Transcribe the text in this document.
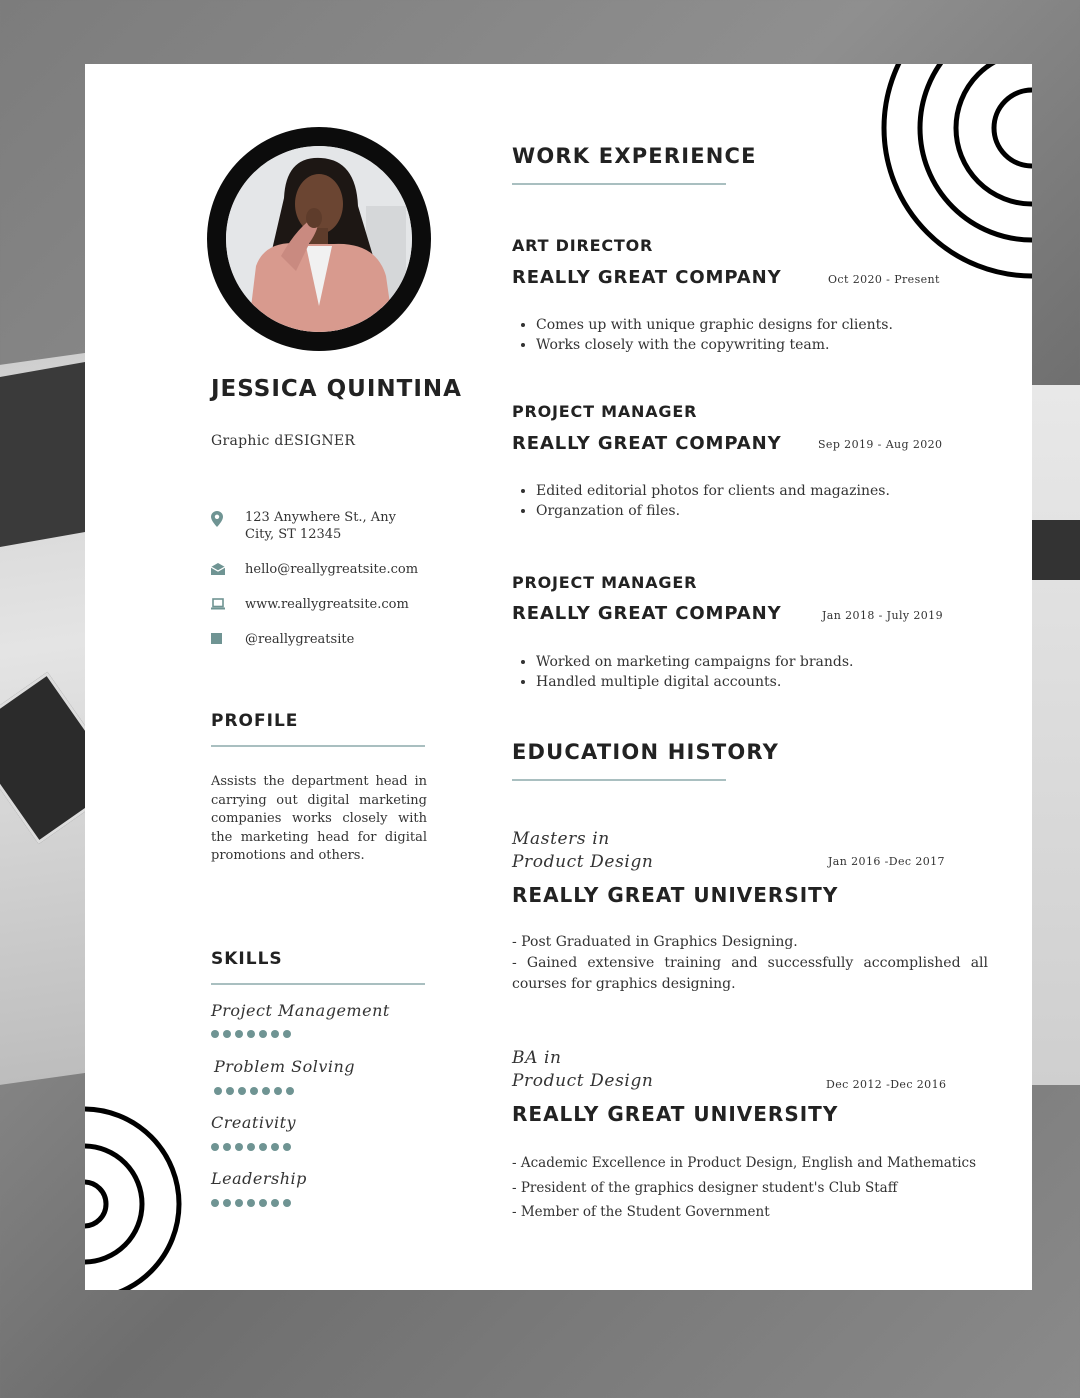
JESSICA QUINTINA
Graphic dESIGNER
123 Anywhere St., Any City, ST 12345
hello@reallygreatsite.com
www.reallygreatsite.com
@reallygreatsite
PROFILE

Assists the department head in carrying out digital marketing companies works closely with the marketing head for digital promotions and others.

SKILLS
Project Management
Problem Solving
Creativity
Leadership
WORK EXPERIENCE
ART DIRECTOR
REALLY GREAT COMPANY	Oct 2020 - Present
• Comes up with unique graphic designs for clients.
• Works closely with the copywriting team.
PROJECT MANAGER
REALLY GREAT COMPANY	Sep 2019 - Aug 2020
• Edited editorial photos for clients and magazines.
• Organzation of files.
PROJECT MANAGER
REALLY GREAT COMPANY	Jan 2018 - July 2019
• Worked on marketing campaigns for brands.
• Handled multiple digital accounts.
EDUCATION HISTORY
Masters in
Product Design	Jan 2016 -Dec 2017
REALLY GREAT UNIVERSITY
- Post Graduated in Graphics Designing.
- Gained extensive training and successfully accomplished all courses for graphics designing.
BA in
Product Design	Dec 2012 -Dec 2016
REALLY GREAT UNIVERSITY
- Academic Excellence in Product Design, English and Mathematics
- President of the graphics designer student's Club Staff
- Member of the Student Government
